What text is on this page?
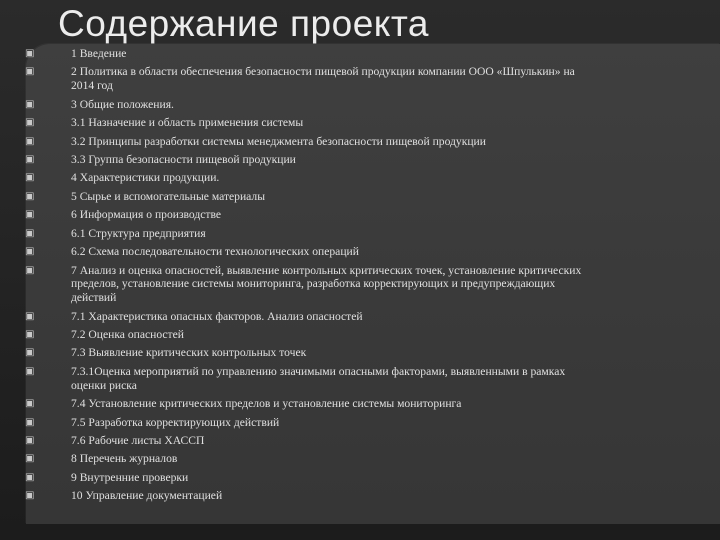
Содержание проекта
▣	1 Введение
▣	2 Политика в области обеспечения безопасности пищевой продукции компании ООО «Шпулькин» на 2014 год
▣	3 Общие положения.
▣	3.1 Назначение и область применения системы
▣	3.2 Принципы разработки системы менеджмента безопасности пищевой продукции
▣	3.3 Группа безопасности пищевой продукции
▣	4 Характеристики продукции.
▣	5 Сырье и вспомогательные материалы
▣	6 Информация о производстве
▣	6.1 Структура предприятия
▣	6.2 Схема последовательности технологических операций
▣	7 Анализ и оценка опасностей, выявление контрольных критических точек, установление критических пределов, установление системы мониторинга, разработка корректирующих и предупреждающих действий
▣	7.1 Характеристика опасных факторов. Анализ опасностей
▣	7.2 Оценка опасностей
▣	7.3 Выявление критических контрольных точек
▣	7.3.1Оценка мероприятий по управлению значимыми опасными факторами, выявленными в рамках оценки риска
▣	7.4 Установление критических пределов и установление системы мониторинга
▣	7.5 Разработка корректирующих действий
▣	7.6 Рабочие листы ХАССП
▣	8 Перечень журналов
▣	9 Внутренние проверки
▣	10 Управление документацией
